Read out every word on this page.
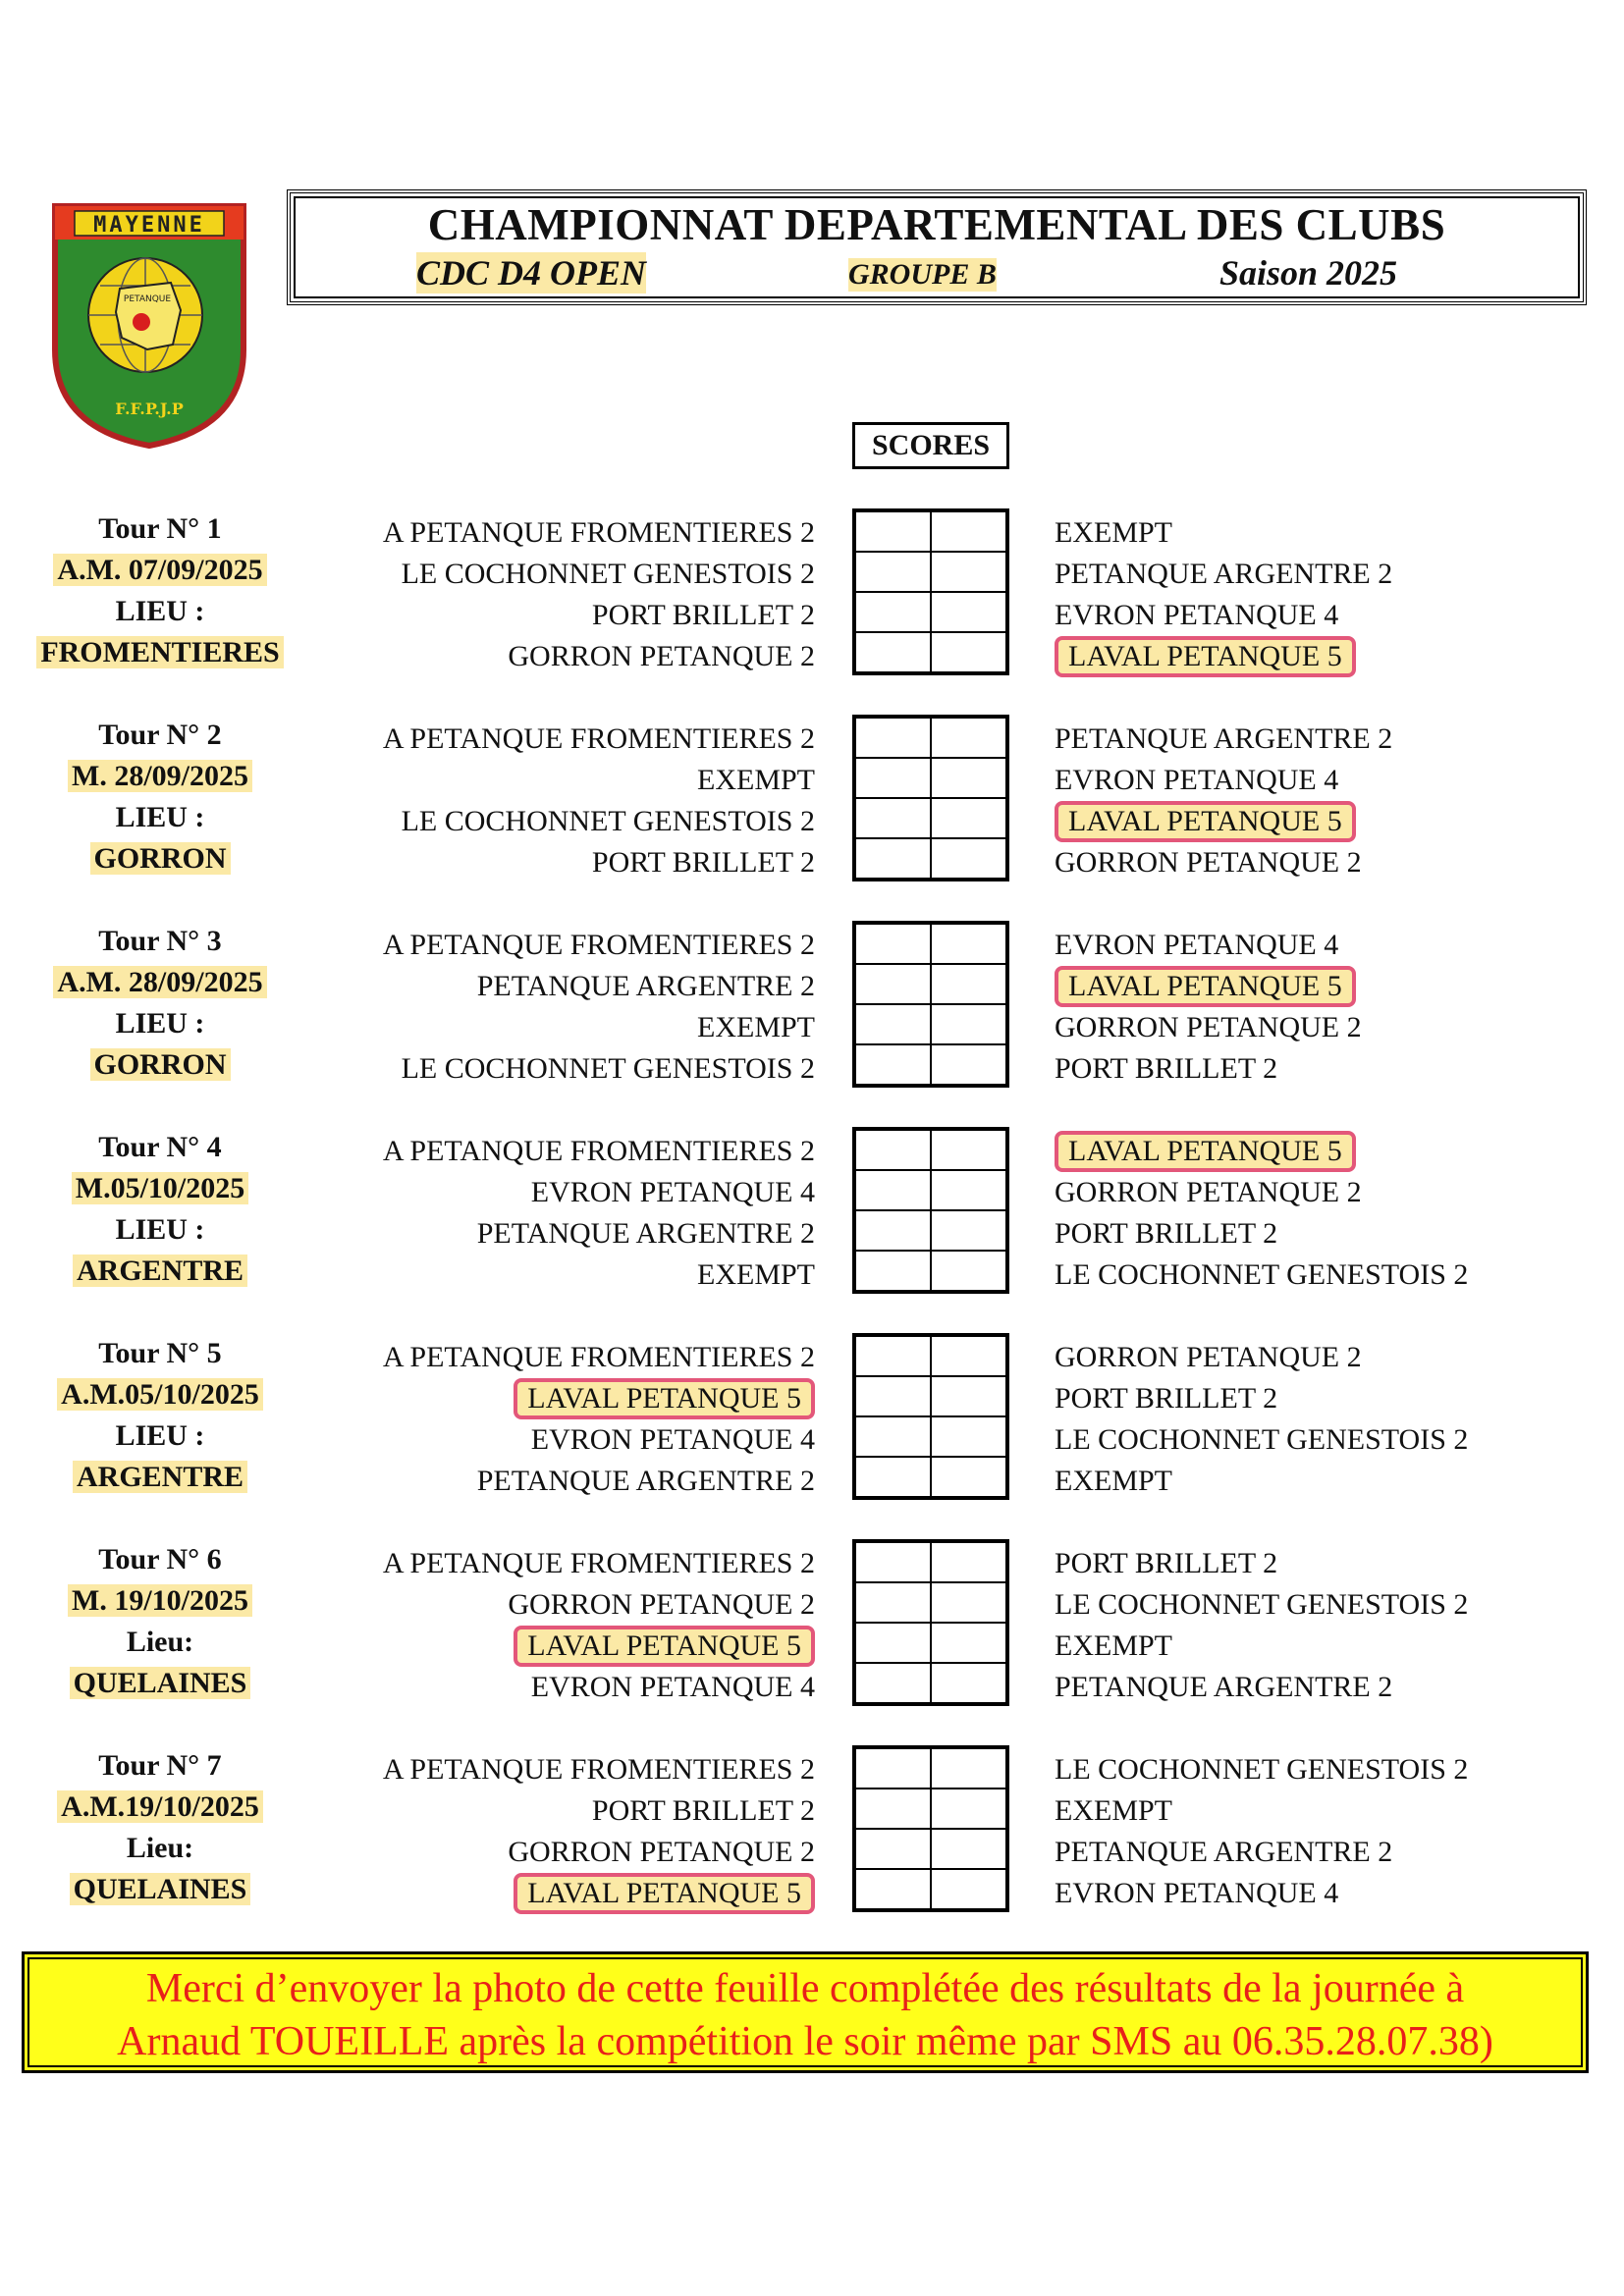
MAYENNE
PETANQUE
F.F.P.J.P
CHAMPIONNAT DEPARTEMENTAL DES CLUBS
CDC D4 OPEN	GROUPE B	Saison 2025
SCORES
Tour N° 1
A.M. 07/09/2025
LIEU :
FROMENTIERES
A PETANQUE FROMENTIERES 2
LE COCHONNET GENESTOIS 2
PORT BRILLET 2
GORRON PETANQUE 2
EXEMPT
PETANQUE ARGENTRE 2
EVRON PETANQUE 4
LAVAL PETANQUE 5
Tour N° 2
M. 28/09/2025
LIEU :
GORRON
A PETANQUE FROMENTIERES 2
EXEMPT
LE COCHONNET GENESTOIS 2
PORT BRILLET 2
PETANQUE ARGENTRE 2
EVRON PETANQUE 4
LAVAL PETANQUE 5
GORRON PETANQUE 2
Tour N° 3
A.M. 28/09/2025
LIEU :
GORRON
A PETANQUE FROMENTIERES 2
PETANQUE ARGENTRE 2
EXEMPT
LE COCHONNET GENESTOIS 2
EVRON PETANQUE 4
LAVAL PETANQUE 5
GORRON PETANQUE 2
PORT BRILLET 2
Tour N° 4
M.05/10/2025
LIEU :
ARGENTRE
A PETANQUE FROMENTIERES 2
EVRON PETANQUE 4
PETANQUE ARGENTRE 2
EXEMPT
LAVAL PETANQUE 5
GORRON PETANQUE 2
PORT BRILLET 2
LE COCHONNET GENESTOIS 2
Tour N° 5
A.M.05/10/2025
LIEU :
ARGENTRE
A PETANQUE FROMENTIERES 2
LAVAL PETANQUE 5
EVRON PETANQUE 4
PETANQUE ARGENTRE 2
GORRON PETANQUE 2
PORT BRILLET 2
LE COCHONNET GENESTOIS 2
EXEMPT
Tour N° 6
M. 19/10/2025
Lieu:
QUELAINES
A PETANQUE FROMENTIERES 2
GORRON PETANQUE 2
LAVAL PETANQUE 5
EVRON PETANQUE 4
PORT BRILLET 2
LE COCHONNET GENESTOIS 2
EXEMPT
PETANQUE ARGENTRE 2
Tour N° 7
A.M.19/10/2025
Lieu:
QUELAINES
A PETANQUE FROMENTIERES 2
PORT BRILLET 2
GORRON PETANQUE 2
LAVAL PETANQUE 5
LE COCHONNET GENESTOIS 2
EXEMPT
PETANQUE ARGENTRE 2
EVRON PETANQUE 4
Merci d’envoyer la photo de cette feuille complétée des résultats de la journée à
Arnaud TOUEILLE après la compétition le soir même par SMS au 06.35.28.07.38)
